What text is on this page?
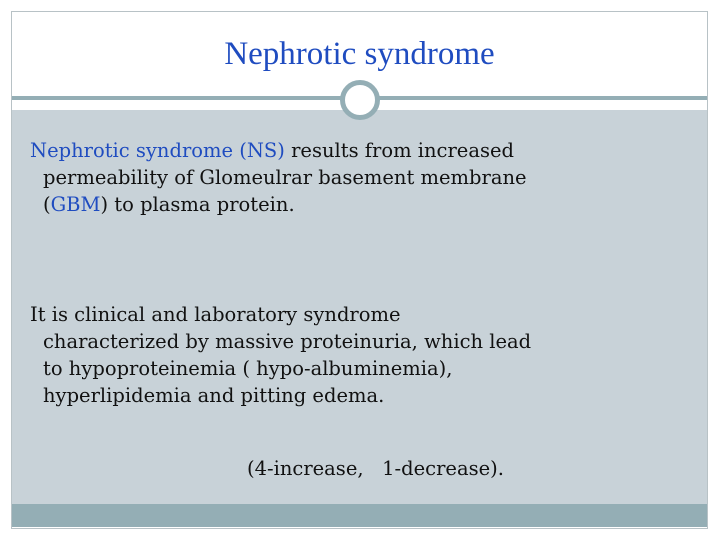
Nephrotic syndrome

Nephrotic syndrome (NS) results from increased
permeability of Glomeulrar basement membrane
(GBM) to plasma protein.

It is clinical and laboratory syndrome
characterized by massive proteinuria, which lead
to hypoproteinemia ( hypo-albuminemia),
hyperlipidemia and pitting edema.

(4-increase,   1-decrease).
